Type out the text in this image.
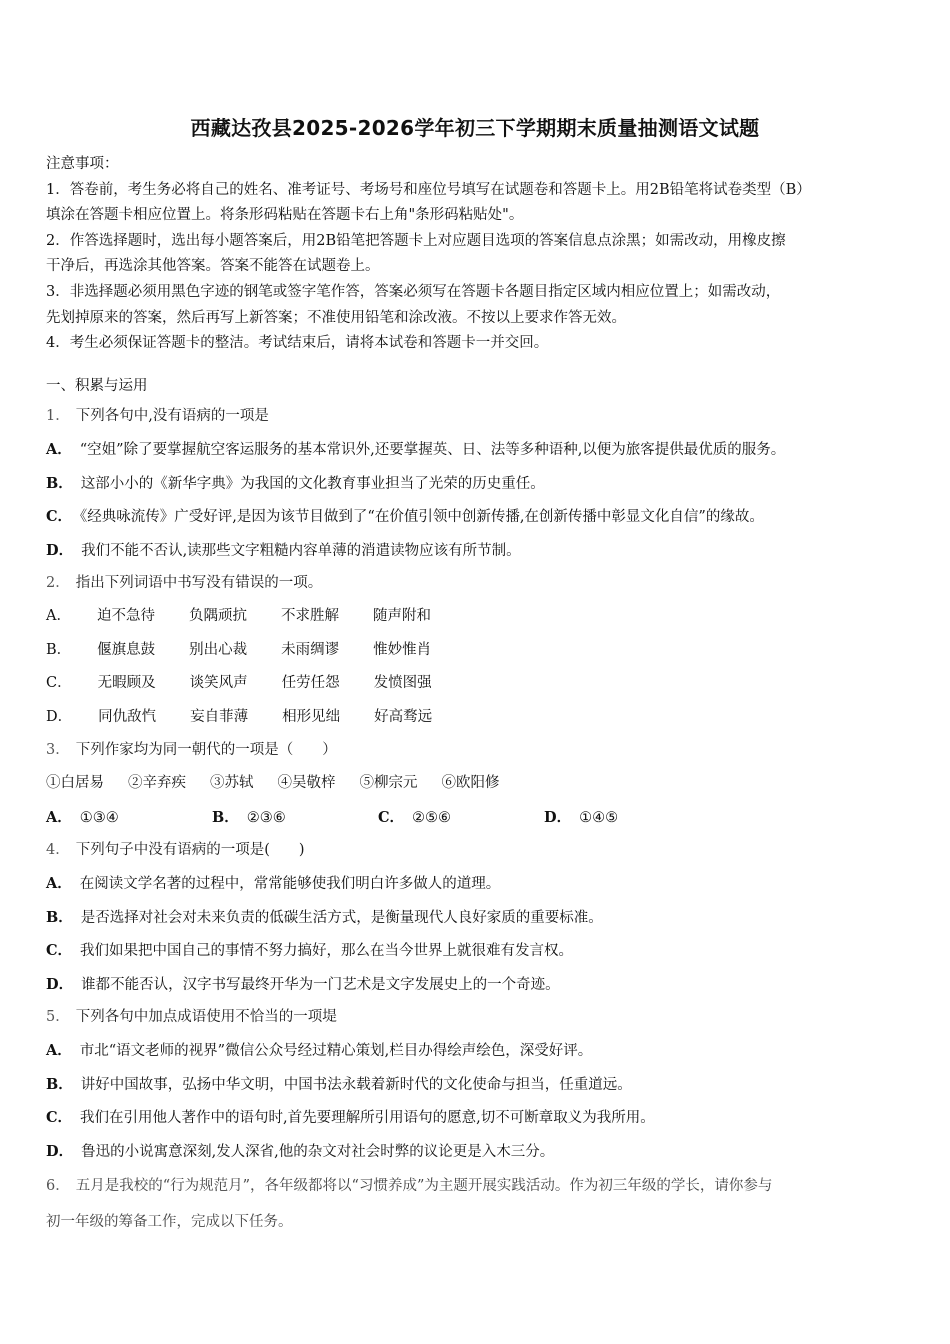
西藏达孜县2025-2026学年初三下学期期末质量抽测语文试题

注意事项：

1．答卷前，考生务必将自己的姓名、准考证号、考场号和座位号填写在试题卷和答题卡上。用2B铅笔将试卷类型（B）

填涂在答题卡相应位置上。将条形码粘贴在答题卡右上角"条形码粘贴处"。

2．作答选择题时，选出每小题答案后，用2B铅笔把答题卡上对应题目选项的答案信息点涂黑；如需改动，用橡皮擦

干净后，再选涂其他答案。答案不能答在试题卷上。

3．非选择题必须用黑色字迹的钢笔或签字笔作答，答案必须写在答题卡各题目指定区域内相应位置上；如需改动，

先划掉原来的答案，然后再写上新答案；不准使用铅笔和涂改液。不按以上要求作答无效。

4．考生必须保证答题卡的整洁。考试结束后，请将本试卷和答题卡一并交回。

一、积累与运用
1． 下列各句中,没有语病的一项是
A． “空姐”除了要掌握航空客运服务的基本常识外,还要掌握英、日、法等多种语种,以便为旅客提供最优质的服务。
B． 这部小小的《新华字典》为我国的文化教育事业担当了光荣的历史重任。
C． 《经典咏流传》广受好评,是因为该节目做到了“在价值引领中创新传播,在创新传播中彰显文化自信”的缘故。
D． 我们不能不否认,读那些文字粗糙内容单薄的消遣读物应该有所节制。
2． 指出下列词语中书写没有错误的一项。
A． 迫不急待 负隅顽抗 不求胜解 随声附和
B． 偃旗息鼓 别出心裁 未雨绸谬 惟妙惟肖
C． 无暇顾及 谈笑风声 任劳任怨 发愤图强
D． 同仇敌忾 妄自菲薄 相形见绌 好高骛远
3． 下列作家均为同一朝代的一项是（　　）
①白居易 ②辛弃疾 ③苏轼 ④吴敬梓 ⑤柳宗元 ⑥欧阳修
A． ①③④	B． ②③⑥	C． ②⑤⑥	D． ①④⑤
4． 下列句子中没有语病的一项是(　　)
A． 在阅读文学名著的过程中，常常能够使我们明白许多做人的道理。
B． 是否选择对社会对未来负责的低碳生活方式，是衡量现代人良好家质的重要标准。
C． 我们如果把中国自己的事情不努力搞好，那么在当今世界上就很难有发言权。
D． 谁都不能否认，汉字书写最终开华为一门艺术是文字发展史上的一个奇迹。
5． 下列各句中加点成语使用不恰当的一项堤
A． 市北“语文老师的视界”微信公众号经过精心策划,栏目办得绘声绘色，深受好评。
B． 讲好中国故事，弘扬中华文明，中国书法永载着新时代的文化使命与担当，任重道远。
C． 我们在引用他人著作中的语句时,首先要理解所引用语句的愿意,切不可断章取义为我所用。
D． 鲁迅的小说寓意深刻,发人深省,他的杂文对社会时弊的议论更是入木三分。
6． 五月是我校的“行为规范月”，各年级都将以“习惯养成”为主题开展实践活动。作为初三年级的学长，请你参与
初一年级的筹备工作，完成以下任务。
